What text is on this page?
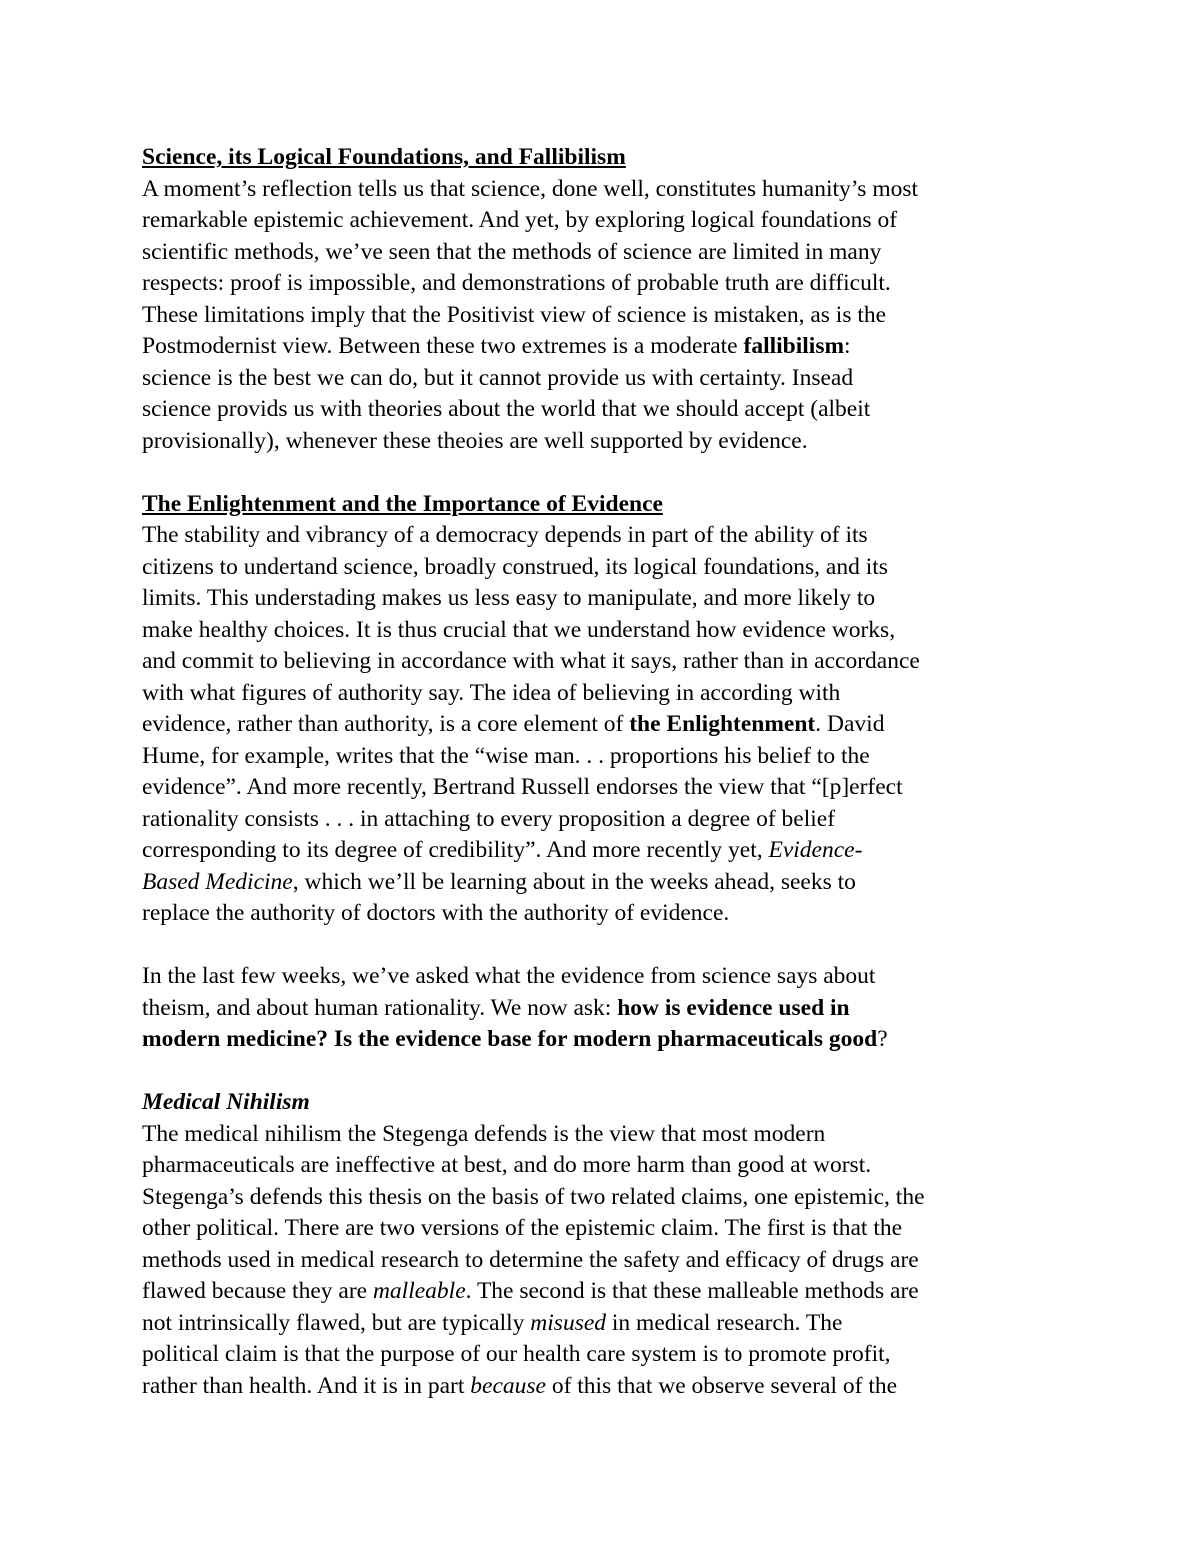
Science, its Logical Foundations, and Fallibilism
A moment’s reflection tells us that science, done well, constitutes humanity’s most
remarkable epistemic achievement. And yet, by exploring logical foundations of
scientific methods, we’ve seen that the methods of science are limited in many
respects: proof is impossible, and demonstrations of probable truth are difficult.
These limitations imply that the Positivist view of science is mistaken, as is the
Postmodernist view. Between these two extremes is a moderate fallibilism:
science is the best we can do, but it cannot provide us with certainty. Insead
science provids us with theories about the world that we should accept (albeit
provisionally), whenever these theoies are well supported by evidence.
The Enlightenment and the Importance of Evidence
The stability and vibrancy of a democracy depends in part of the ability of its
citizens to undertand science, broadly construed, its logical foundations, and its
limits. This understading makes us less easy to manipulate, and more likely to
make healthy choices. It is thus crucial that we understand how evidence works,
and commit to believing in accordance with what it says, rather than in accordance
with what figures of authority say. The idea of believing in according with
evidence, rather than authority, is a core element of the Enlightenment. David
Hume, for example, writes that the “wise man. . . proportions his belief to the
evidence”. And more recently, Bertrand Russell endorses the view that “[p]erfect
rationality consists . . . in attaching to every proposition a degree of belief
corresponding to its degree of credibility”. And more recently yet, Evidence-
Based Medicine, which we’ll be learning about in the weeks ahead, seeks to
replace the authority of doctors with the authority of evidence.
In the last few weeks, we’ve asked what the evidence from science says about
theism, and about human rationality. We now ask: how is evidence used in
modern medicine? Is the evidence base for modern pharmaceuticals good?
Medical Nihilism
The medical nihilism the Stegenga defends is the view that most modern
pharmaceuticals are ineffective at best, and do more harm than good at worst.
Stegenga’s defends this thesis on the basis of two related claims, one epistemic, the
other political. There are two versions of the epistemic claim. The first is that the
methods used in medical research to determine the safety and efficacy of drugs are
flawed because they are malleable. The second is that these malleable methods are
not intrinsically flawed, but are typically misused in medical research. The
political claim is that the purpose of our health care system is to promote profit,
rather than health. And it is in part because of this that we observe several of the
